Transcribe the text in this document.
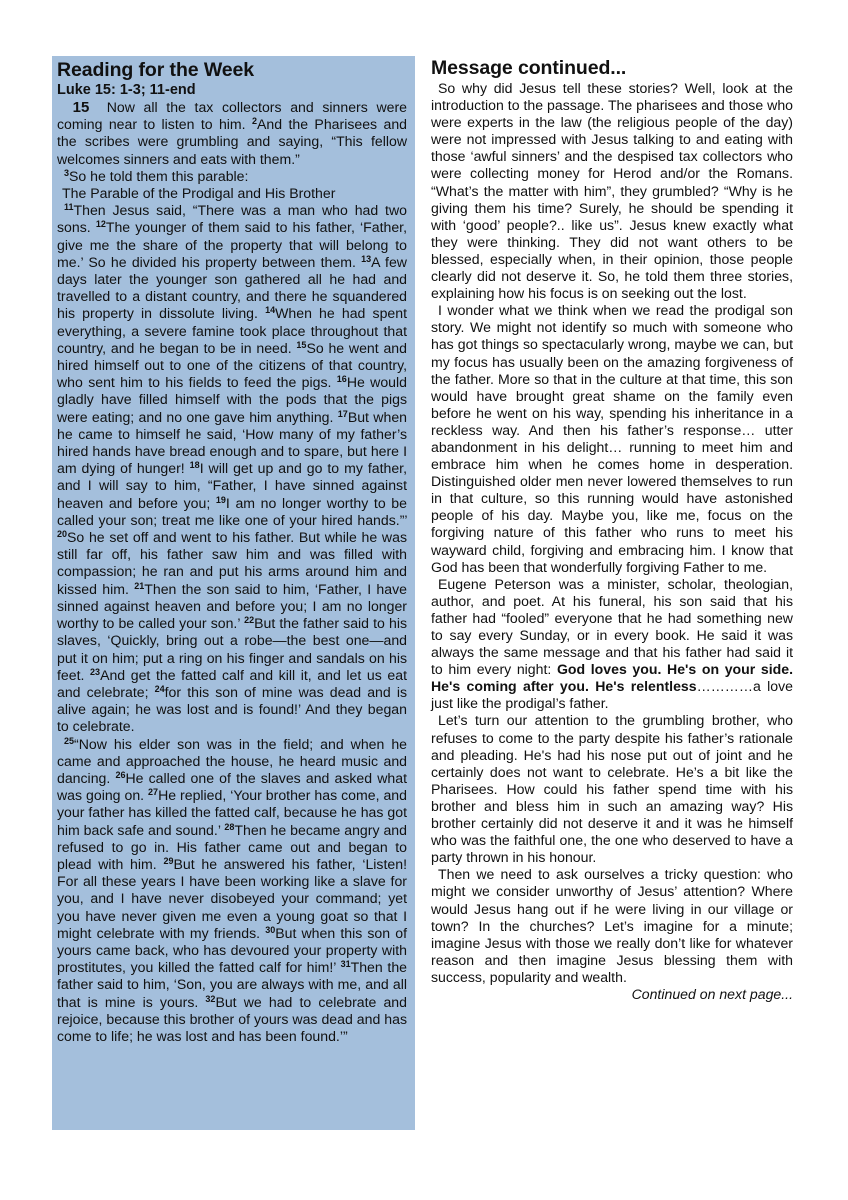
Reading for the Week

Luke 15: 1-3; 11-end

15 Now all the tax collectors and sinners were coming near to listen to him. $^2$And the Pharisees and the scribes were grumbling and saying, “This fellow welcomes sinners and eats with them.”

$^3$So he told them this parable:

The Parable of the Prodigal and His Brother

$^{11}$Then Jesus said, “There was a man who had two sons. $^{12}$The younger of them said to his father, ‘Father, give me the share of the property that will belong to me.’ So he divided his property between them. $^{13}$A few days later the younger son gathered all he had and travelled to a distant country, and there he squandered his property in dissolute living. $^{14}$When he had spent everything, a severe famine took place throughout that country, and he began to be in need. $^{15}$So he went and hired himself out to one of the citizens of that country, who sent him to his fields to feed the pigs. $^{16}$He would gladly have filled himself with the pods that the pigs were eating; and no one gave him anything. $^{17}$But when he came to himself he said, ‘How many of my father’s hired hands have bread enough and to spare, but here I am dying of hunger! $^{18}$I will get up and go to my father, and I will say to him, “Father, I have sinned against heaven and before you; $^{19}$I am no longer worthy to be called your son; treat me like one of your hired hands.”’ $^{20}$So he set off and went to his father. But while he was still far off, his father saw him and was filled with compassion; he ran and put his arms around him and kissed him. $^{21}$Then the son said to him, ‘Father, I have sinned against heaven and before you; I am no longer worthy to be called your son.’ $^{22}$But the father said to his slaves, ‘Quickly, bring out a robe—the best one—and put it on him; put a ring on his finger and sandals on his feet. $^{23}$And get the fatted calf and kill it, and let us eat and celebrate; $^{24}$for this son of mine was dead and is alive again; he was lost and is found!’ And they began to celebrate.

$^{25}$“Now his elder son was in the field; and when he came and approached the house, he heard music and dancing. $^{26}$He called one of the slaves and asked what was going on. $^{27}$He replied, ‘Your brother has come, and your father has killed the fatted calf, because he has got him back safe and sound.’ $^{28}$Then he became angry and refused to go in. His father came out and began to plead with him. $^{29}$But he answered his father, ‘Listen! For all these years I have been working like a slave for you, and I have never disobeyed your command; yet you have never given me even a young goat so that I might celebrate with my friends. $^{30}$But when this son of yours came back, who has devoured your property with prostitutes, you killed the fatted calf for him!’ $^{31}$Then the father said to him, ‘Son, you are always with me, and all that is mine is yours. $^{32}$But we had to celebrate and rejoice, because this brother of yours was dead and has come to life; he was lost and has been found.’”

Message continued...

So why did Jesus tell these stories? Well, look at the introduction to the passage. The pharisees and those who were experts in the law (the religious people of the day) were not impressed with Jesus talking to and eating with those ‘awful sinners’ and the despised tax collectors who were collecting money for Herod and/or the Romans. “What’s the matter with him”, they grumbled? “Why is he giving them his time? Surely, he should be spending it with ‘good’ people?.. like us”. Jesus knew exactly what they were thinking. They did not want others to be blessed, especially when, in their opinion, those people clearly did not deserve it. So, he told them three stories, explaining how his focus is on seeking out the lost.

I wonder what we think when we read the prodigal son story. We might not identify so much with someone who has got things so spectacularly wrong, maybe we can, but my focus has usually been on the amazing forgiveness of the father. More so that in the culture at that time, this son would have brought great shame on the family even before he went on his way, spending his inheritance in a reckless way. And then his father’s response… utter abandonment in his delight… running to meet him and embrace him when he comes home in desperation. Distinguished older men never lowered themselves to run in that culture, so this running would have astonished people of his day. Maybe you, like me, focus on the forgiving nature of this father who runs to meet his wayward child, forgiving and embracing him. I know that God has been that wonderfully forgiving Father to me.

Eugene Peterson was a minister, scholar, theologian, author, and poet. At his funeral, his son said that his father had “fooled” everyone that he had something new to say every Sunday, or in every book. He said it was always the same message and that his father had said it to him every night: God loves you. He's on your side. He's coming after you. He's relentless…………a love just like the prodigal’s father.

Let’s turn our attention to the grumbling brother, who refuses to come to the party despite his father’s rationale and pleading. He's had his nose put out of joint and he certainly does not want to celebrate. He’s a bit like the Pharisees. How could his father spend time with his brother and bless him in such an amazing way? His brother certainly did not deserve it and it was he himself who was the faithful one, the one who deserved to have a party thrown in his honour.

Then we need to ask ourselves a tricky question: who might we consider unworthy of Jesus’ attention? Where would Jesus hang out if he were living in our village or town? In the churches? Let’s imagine for a minute; imagine Jesus with those we really don’t like for whatever reason and then imagine Jesus blessing them with success, popularity and wealth.

Continued on next page...
